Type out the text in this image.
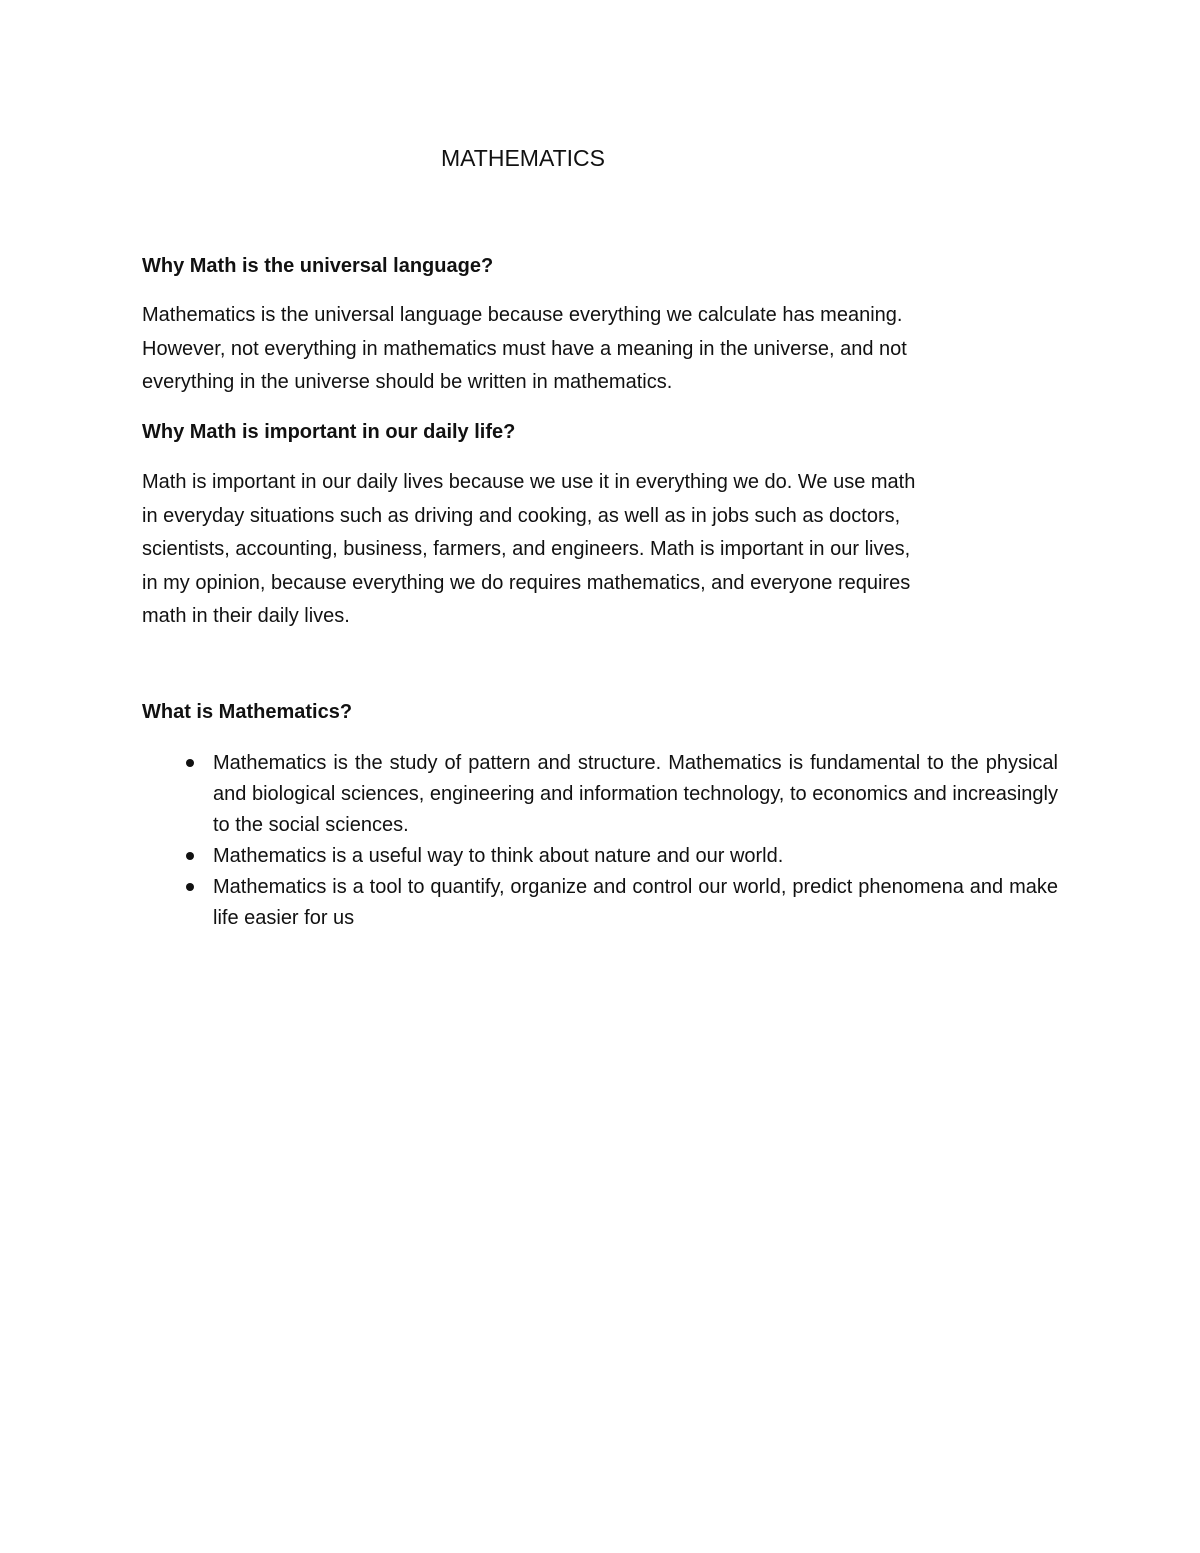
MATHEMATICS
Why Math is the universal language?

Mathematics is the universal language because everything we calculate has meaning.
However, not everything in mathematics must have a meaning in the universe, and not
everything in the universe should be written in mathematics.

Why Math is important in our daily life?

Math is important in our daily lives because we use it in everything we do. We use math
in everyday situations such as driving and cooking, as well as in jobs such as doctors,
scientists, accounting, business, farmers, and engineers. Math is important in our lives,
in my opinion, because everything we do requires mathematics, and everyone requires
math in their daily lives.

What is Mathematics?
Mathematics is the study of pattern and structure. Mathematics is fundamental to the physical and biological sciences, engineering and information technology, to economics and increasingly to the social sciences.
Mathematics is a useful way to think about nature and our world.
Mathematics is a tool to quantify, organize and control our world, predict phenomena and make life easier for us
